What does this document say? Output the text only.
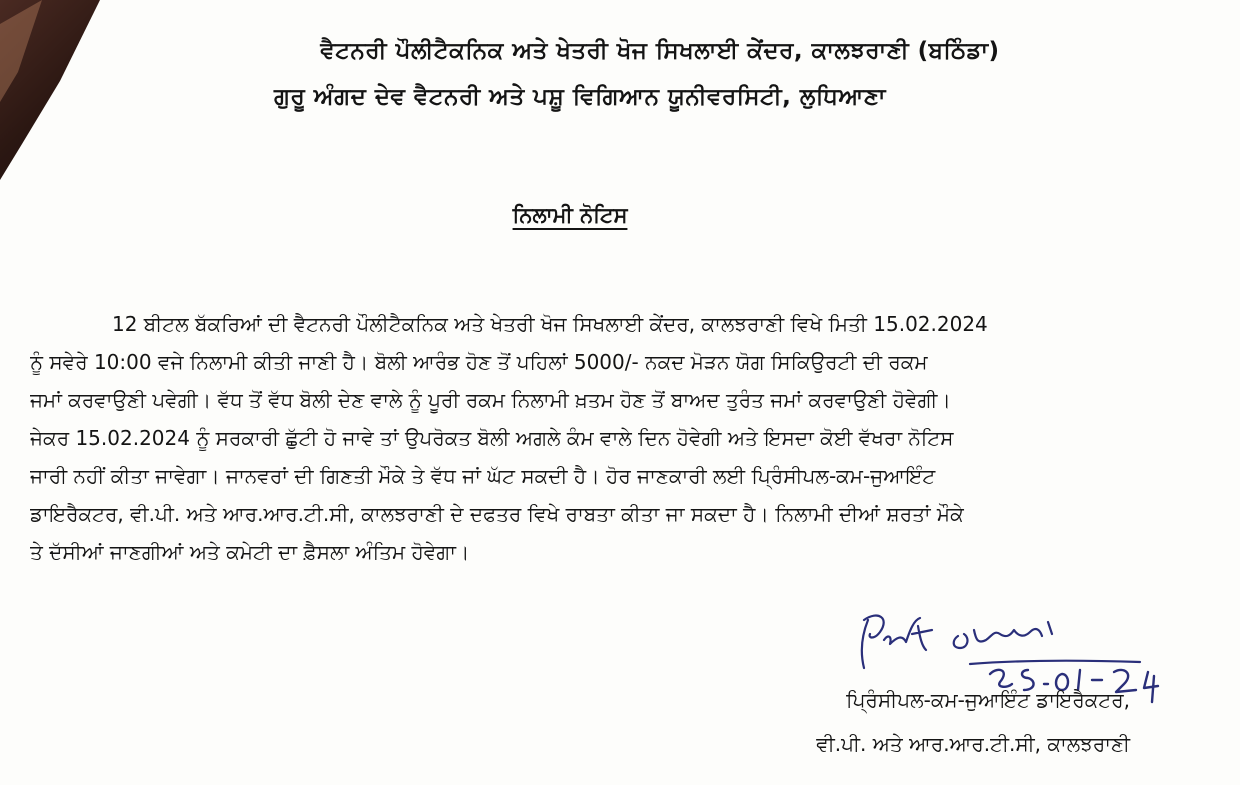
ਵੈਟਨਰੀ ਪੌਲੀਟੈਕਨਿਕ ਅਤੇ ਖੇਤਰੀ ਖੋਜ ਸਿਖਲਾਈ ਕੇਂਦਰ, ਕਾਲਝਰਾਣੀ (ਬਠਿੰਡਾ)
ਗੁਰੂ ਅੰਗਦ ਦੇਵ ਵੈਟਨਰੀ ਅਤੇ ਪਸ਼ੂ ਵਿਗਿਆਨ ਯੂਨੀਵਰਸਿਟੀ, ਲੁਧਿਆਣਾ
ਨਿਲਾਮੀ ਨੋਟਿਸ
12 ਬੀਟਲ ਬੱਕਰਿਆਂ ਦੀ ਵੈਟਨਰੀ ਪੌਲੀਟੈਕਨਿਕ ਅਤੇ ਖੇਤਰੀ ਖੋਜ ਸਿਖਲਾਈ ਕੇਂਦਰ, ਕਾਲਝਰਾਣੀ ਵਿਖੇ ਮਿਤੀ 15.02.2024
ਨੂੰ ਸਵੇਰੇ 10:00 ਵਜੇ ਨਿਲਾਮੀ ਕੀਤੀ ਜਾਣੀ ਹੈ। ਬੋਲੀ ਆਰੰਭ ਹੋਣ ਤੋਂ ਪਹਿਲਾਂ 5000/- ਨਕਦ ਮੋੜਨ ਯੋਗ ਸਿਕਿਉਰਟੀ ਦੀ ਰਕਮ
ਜਮਾਂ ਕਰਵਾਉਣੀ ਪਵੇਗੀ। ਵੱਧ ਤੋਂ ਵੱਧ ਬੋਲੀ ਦੇਣ ਵਾਲੇ ਨੂੰ ਪੂਰੀ ਰਕਮ ਨਿਲਾਮੀ ਖ਼ਤਮ ਹੋਣ ਤੋਂ ਬਾਅਦ ਤੁਰੰਤ ਜਮਾਂ ਕਰਵਾਉਣੀ ਹੋਵੇਗੀ।
ਜੇਕਰ 15.02.2024 ਨੂੰ ਸਰਕਾਰੀ ਛੁੱਟੀ ਹੋ ਜਾਵੇ ਤਾਂ ਉਪਰੋਕਤ ਬੋਲੀ ਅਗਲੇ ਕੰਮ ਵਾਲੇ ਦਿਨ ਹੋਵੇਗੀ ਅਤੇ ਇਸਦਾ ਕੋਈ ਵੱਖਰਾ ਨੋਟਿਸ
ਜਾਰੀ ਨਹੀਂ ਕੀਤਾ ਜਾਵੇਗਾ। ਜਾਨਵਰਾਂ ਦੀ ਗਿਣਤੀ ਮੌਕੇ ਤੇ ਵੱਧ ਜਾਂ ਘੱਟ ਸਕਦੀ ਹੈ। ਹੋਰ ਜਾਣਕਾਰੀ ਲਈ ਪ੍ਰਿੰਸੀਪਲ-ਕਮ-ਜੁਆਇੰਟ
ਡਾਇਰੈਕਟਰ, ਵੀ.ਪੀ. ਅਤੇ ਆਰ.ਆਰ.ਟੀ.ਸੀ, ਕਾਲਝਰਾਣੀ ਦੇ ਦਫਤਰ ਵਿਖੇ ਰਾਬਤਾ ਕੀਤਾ ਜਾ ਸਕਦਾ ਹੈ। ਨਿਲਾਮੀ ਦੀਆਂ ਸ਼ਰਤਾਂ ਮੌਕੇ
ਤੇ ਦੱਸੀਆਂ ਜਾਣਗੀਆਂ ਅਤੇ ਕਮੇਟੀ ਦਾ ਫ਼ੈਸਲਾ ਅੰਤਿਮ ਹੋਵੇਗਾ।
ਪ੍ਰਿੰਸੀਪਲ-ਕਮ-ਜੁਆਇੰਟ ਡਾਇਰੈਕਟਰ,
ਵੀ.ਪੀ. ਅਤੇ ਆਰ.ਆਰ.ਟੀ.ਸੀ, ਕਾਲਝਰਾਣੀ
